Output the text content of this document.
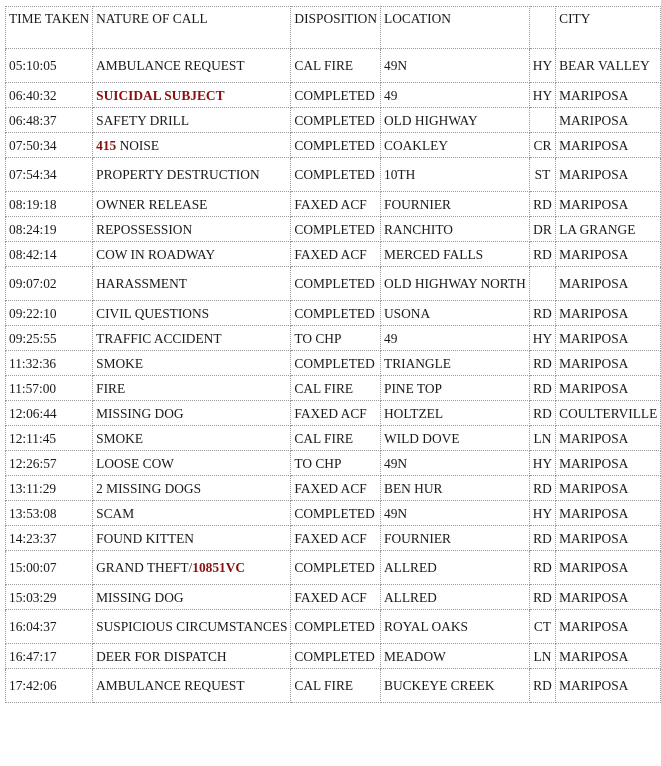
TIME TAKEN	NATURE OF CALL	DISPOSITION	LOCATION		CITY
05:10:05	AMBULANCE REQUEST	CAL FIRE	49N	HY	BEAR VALLEY
06:40:32	SUICIDAL SUBJECT	COMPLETED	49	HY	MARIPOSA
06:48:37	SAFETY DRILL	COMPLETED	OLD HIGHWAY		MARIPOSA
07:50:34	415 NOISE	COMPLETED	COAKLEY	CR	MARIPOSA
07:54:34	PROPERTY DESTRUCTION	COMPLETED	10TH	ST	MARIPOSA
08:19:18	OWNER RELEASE	FAXED ACF	FOURNIER	RD	MARIPOSA
08:24:19	REPOSSESSION	COMPLETED	RANCHITO	DR	LA GRANGE
08:42:14	COW IN ROADWAY	FAXED ACF	MERCED FALLS	RD	MARIPOSA
09:07:02	HARASSMENT	COMPLETED	OLD HIGHWAY NORTH		MARIPOSA
09:22:10	CIVIL QUESTIONS	COMPLETED	USONA	RD	MARIPOSA
09:25:55	TRAFFIC ACCIDENT	TO CHP	49	HY	MARIPOSA
11:32:36	SMOKE	COMPLETED	TRIANGLE	RD	MARIPOSA
11:57:00	FIRE	CAL FIRE	PINE TOP	RD	MARIPOSA
12:06:44	MISSING DOG	FAXED ACF	HOLTZEL	RD	COULTERVILLE
12:11:45	SMOKE	CAL FIRE	WILD DOVE	LN	MARIPOSA
12:26:57	LOOSE COW	TO CHP	49N	HY	MARIPOSA
13:11:29	2 MISSING DOGS	FAXED ACF	BEN HUR	RD	MARIPOSA
13:53:08	SCAM	COMPLETED	49N	HY	MARIPOSA
14:23:37	FOUND KITTEN	FAXED ACF	FOURNIER	RD	MARIPOSA
15:00:07	GRAND THEFT/10851VC	COMPLETED	ALLRED	RD	MARIPOSA
15:03:29	MISSING DOG	FAXED ACF	ALLRED	RD	MARIPOSA
16:04:37	SUSPICIOUS CIRCUMSTANCES	COMPLETED	ROYAL OAKS	CT	MARIPOSA
16:47:17	DEER FOR DISPATCH	COMPLETED	MEADOW	LN	MARIPOSA
17:42:06	AMBULANCE REQUEST	CAL FIRE	BUCKEYE CREEK	RD	MARIPOSA
